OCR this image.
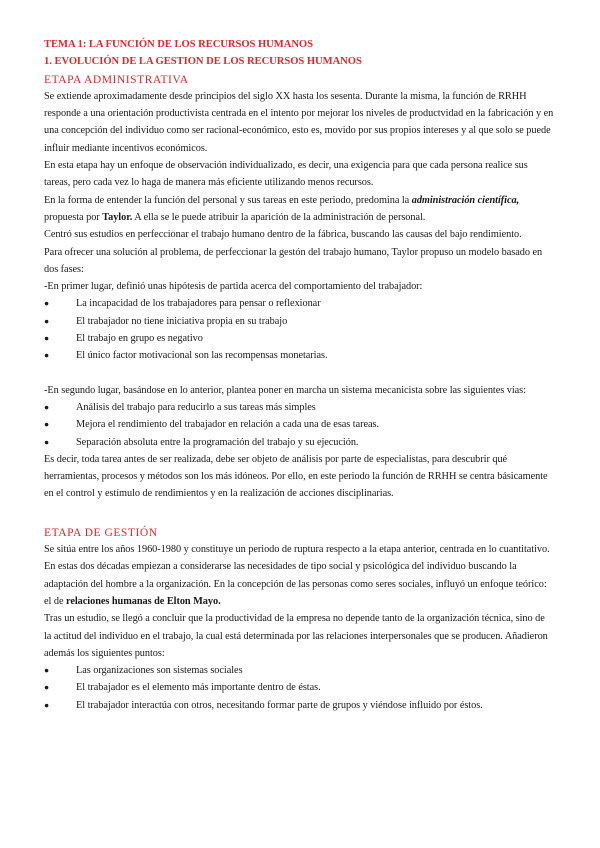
TEMA 1: LA FUNCIÓN DE LOS RECURSOS HUMANOS
1. EVOLUCIÓN DE LA GESTION DE LOS RECURSOS HUMANOS
ETAPA ADMINISTRATIVA

Se extiende aproximadamente desde principios del siglo XX hasta los sesenta. Durante la misma, la función de RRHH responde a una orientación productivista centrada en el intento por mejorar los niveles de productvidad en la fabricación y en una concepción del individuo como ser racional-económico, esto es, movido por sus propios intereses y al que solo se puede influir mediante incentivos económicos.

En esta etapa hay un enfoque de observación individualizado, es decir, una exigencia para que cada persona realice sus tareas, pero cada vez lo haga de manera más eficiente utilizando menos recursos.

En la forma de entender la función del personal y sus tareas en este periodo, predomina la administración científica, propuesta por Taylor. A ella se le puede atribuir la aparición de la administración de personal.

Centró sus estudios en perfeccionar el trabajo humano dentro de la fábrica, buscando las causas del bajo rendimiento.

Para ofrecer una solución al problema, de perfeccionar la gestón del trabajo humano, Taylor propuso un modelo basado en dos fases:

-En primer lugar, definió unas hipótesis de partida acerca del comportamiento del trabajador:

●	La incapacidad de los trabajadores para pensar o reflexionar
●	El trabajador no tiene iniciativa propia en su trabajo
●	El trabajo en grupo es negativo
●	El único factor motivacional son las recompensas monetarias.

-En segundo lugar, basándose en lo anterior, plantea poner en marcha un sistema mecanicista sobre las siguientes vías:

●	Análisis del trabajo para reducirlo a sus tareas más simples
●	Mejora el rendimiento del trabajador en relación a cada una de esas tareas.
●	Separación absoluta entre la programación del trabajo y su ejecución.

Es decir, toda tarea antes de ser realizada, debe ser objeto de análisis por parte de especialistas, para descubrir qué herramientas, procesos y métodos son los más idóneos. Por ello, en este periodo la función de RRHH se centra básicamente en el control y estímulo de rendimientos y en la realización de acciones disciplinarias.

ETAPA DE GESTIÓN

Se sitúa entre los años 1960-1980 y constituye un periodo de ruptura respecto a la etapa anterior, centrada en lo cuantitativo. En estas dos décadas empiezan a considerarse las necesidades de tipo social y psicológica del individuo buscando la adaptación del hombre a la organización. En la concepción de las personas como seres sociales, influyó un enfoque teórico: el de relaciones humanas de Elton Mayo.

Tras un estudio, se llegó a concluir que la productividad de la empresa no depende tanto de la organización técnica, sino de la actitud del individuo en el trabajo, la cual está determinada por las relaciones interpersonales que se producen. Añadieron además los siguientes puntos:

●	Las organizaciones son sistemas sociales
●	El trabajador es el elemento más importante dentro de éstas.
●	El trabajador interactúa con otros, necesitando formar parte de grupos y viéndose influido por éstos.
